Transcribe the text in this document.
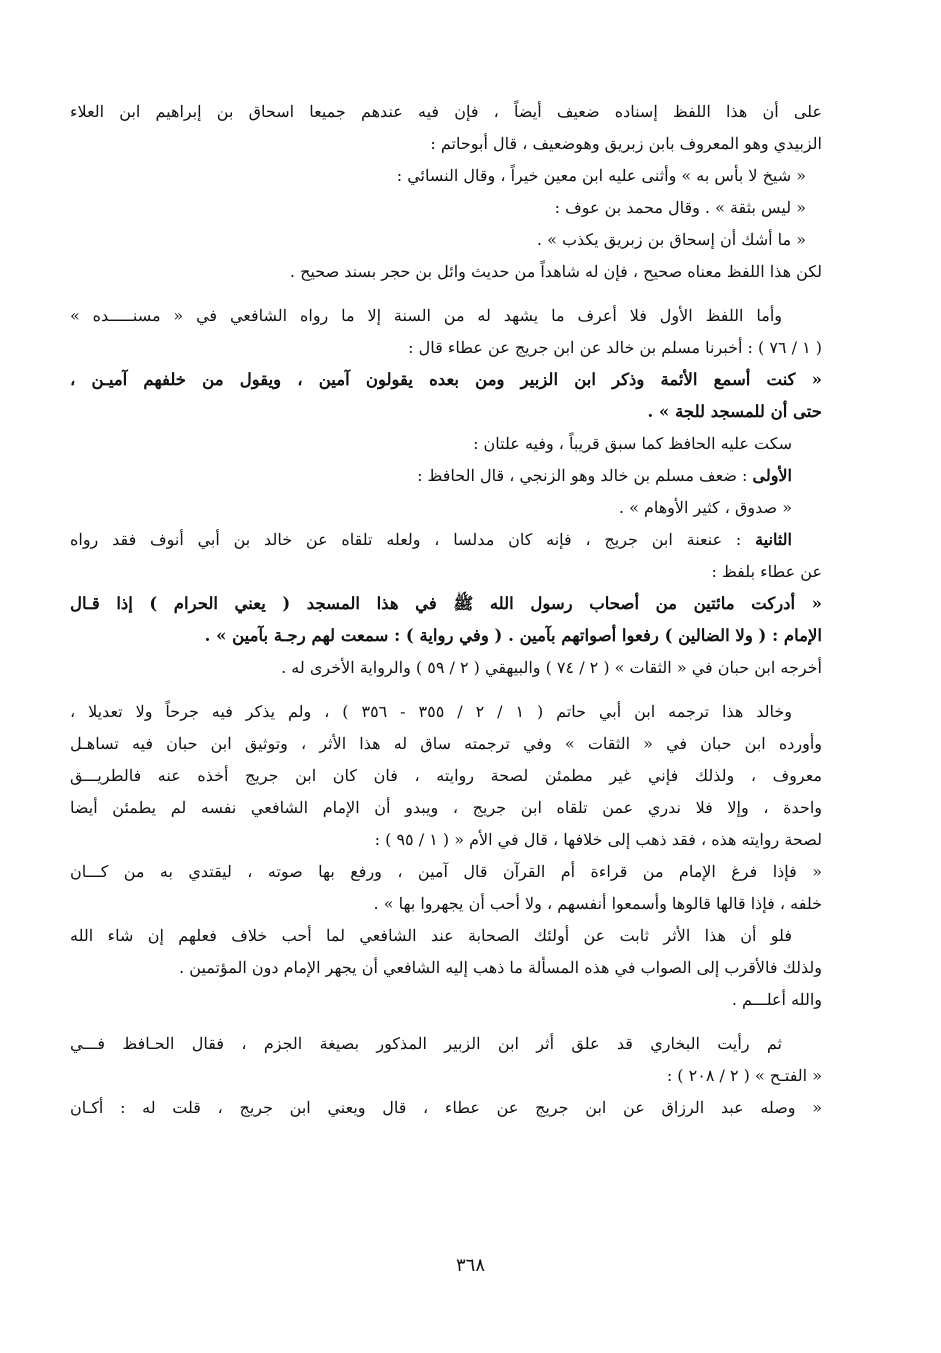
على أن هذا اللفظ إسناده ضعيف أيضاً ، فإن فيه عندهم جميعا اسحاق بن إبراهيم ابن العلاء
الزبيدي وهو المعروف بابن زبريق وهوضعيف ، قال أبوحاتم :
« شيخ لا بأس به » وأثنى عليه ابن معين خيراً ، وقال النسائي :
« ليس بثقة » . وقال محمد بن عوف :
« ما أشك أن إسحاق بن زبريق يكذب » .
لكن هذا اللفظ معناه صحيح ، فإن له شاهداً من حديث وائل بن حجر بسند صحيح .
وأما اللفظ الأول فلا أعرف ما يشهد له من السنة إلا ما رواه الشافعي في « مسنـــــده »
( ١ / ٧٦ ) : أخبرنا مسلم بن خالد عن ابن جريج عن عطاء قال :
« كنت أسمع الأئمة وذكر ابن الزبير ومن بعده يقولون آمين ، ويقول من خلفهم آميـن ،
حتى أن للمسجد للجة » .
سكت عليه الحافظ كما سبق قريباً ، وفيه علتان :
الأولى : ضعف مسلم بن خالد وهو الزنجي ، قال الحافظ :
« صدوق ، كثير الأوهام » .
الثانية : عنعنة ابن جريج ، فإنه كان مدلسا ، ولعله تلقاه عن خالد بن أبي أنوف فقد رواه
عن عطاء بلفظ :
« أدركت مائتين من أصحاب رسول الله ﷺ في هذا المسجد ( يعني الحرام ) إذا قـال
الإمام : ( ولا الضالين ) رفعوا أصواتهم بآمين . ( وفي رواية ) : سمعت لهم رجـة بآمين » .
أخرجه ابن حبان في « الثقات » ( ٢ / ٧٤ ) والبيهقي ( ٢ / ٥٩ ) والرواية الأخرى له .
وخالد هذا ترجمه ابن أبي حاتم ( ١ / ٢ / ٣٥٥ - ٣٥٦ ) ، ولم يذكر فيه جرحاً ولا تعديلا ،
وأورده ابن حبان في « الثقات » وفي ترجمته ساق له هذا الأثر ، وتوثيق ابن حبان فيه تساهـل
معروف ، ولذلك فإني غير مطمئن لصحة روايته ، فان كان ابن جريج أخذه عنه فالطريـــق
واحدة ، وإلا فلا ندري عمن تلقاه ابن جريج ، ويبدو أن الإمام الشافعي نفسه لم يطمئن أيضا
لصحة روايته هذه ، فقد ذهب إلى خلافها ، قال في الأم « ( ١ / ٩٥ ) :
« فإذا فرغ الإمام من قراءة أم القرآن قال آمين ، ورفع بها صوته ، ليقتدي به من كـــان
خلفه ، فإذا قالها قالوها وأسمعوا أنفسهم ، ولا أحب أن يجهروا بها » .
فلو أن هذا الأثر ثابت عن أولئك الصحابة عند الشافعي لما أحب خلاف فعلهم إن شاء الله
ولذلك فالأقرب إلى الصواب في هذه المسألة ما ذهب إليه الشافعي أن يجهر الإمام دون المؤتمين .
والله أعلـــم .
ثم رأيت البخاري قد علق أثر ابن الزبير المذكور بصيغة الجزم ، فقال الحـافظ فـــي
« الفتـح » ( ٢ / ٢٠٨ ) :
« وصله عبد الرزاق عن ابن جريج عن عطاء ، قال ويعني ابن جريج ، قلت له : أكـان
٣٦٨
